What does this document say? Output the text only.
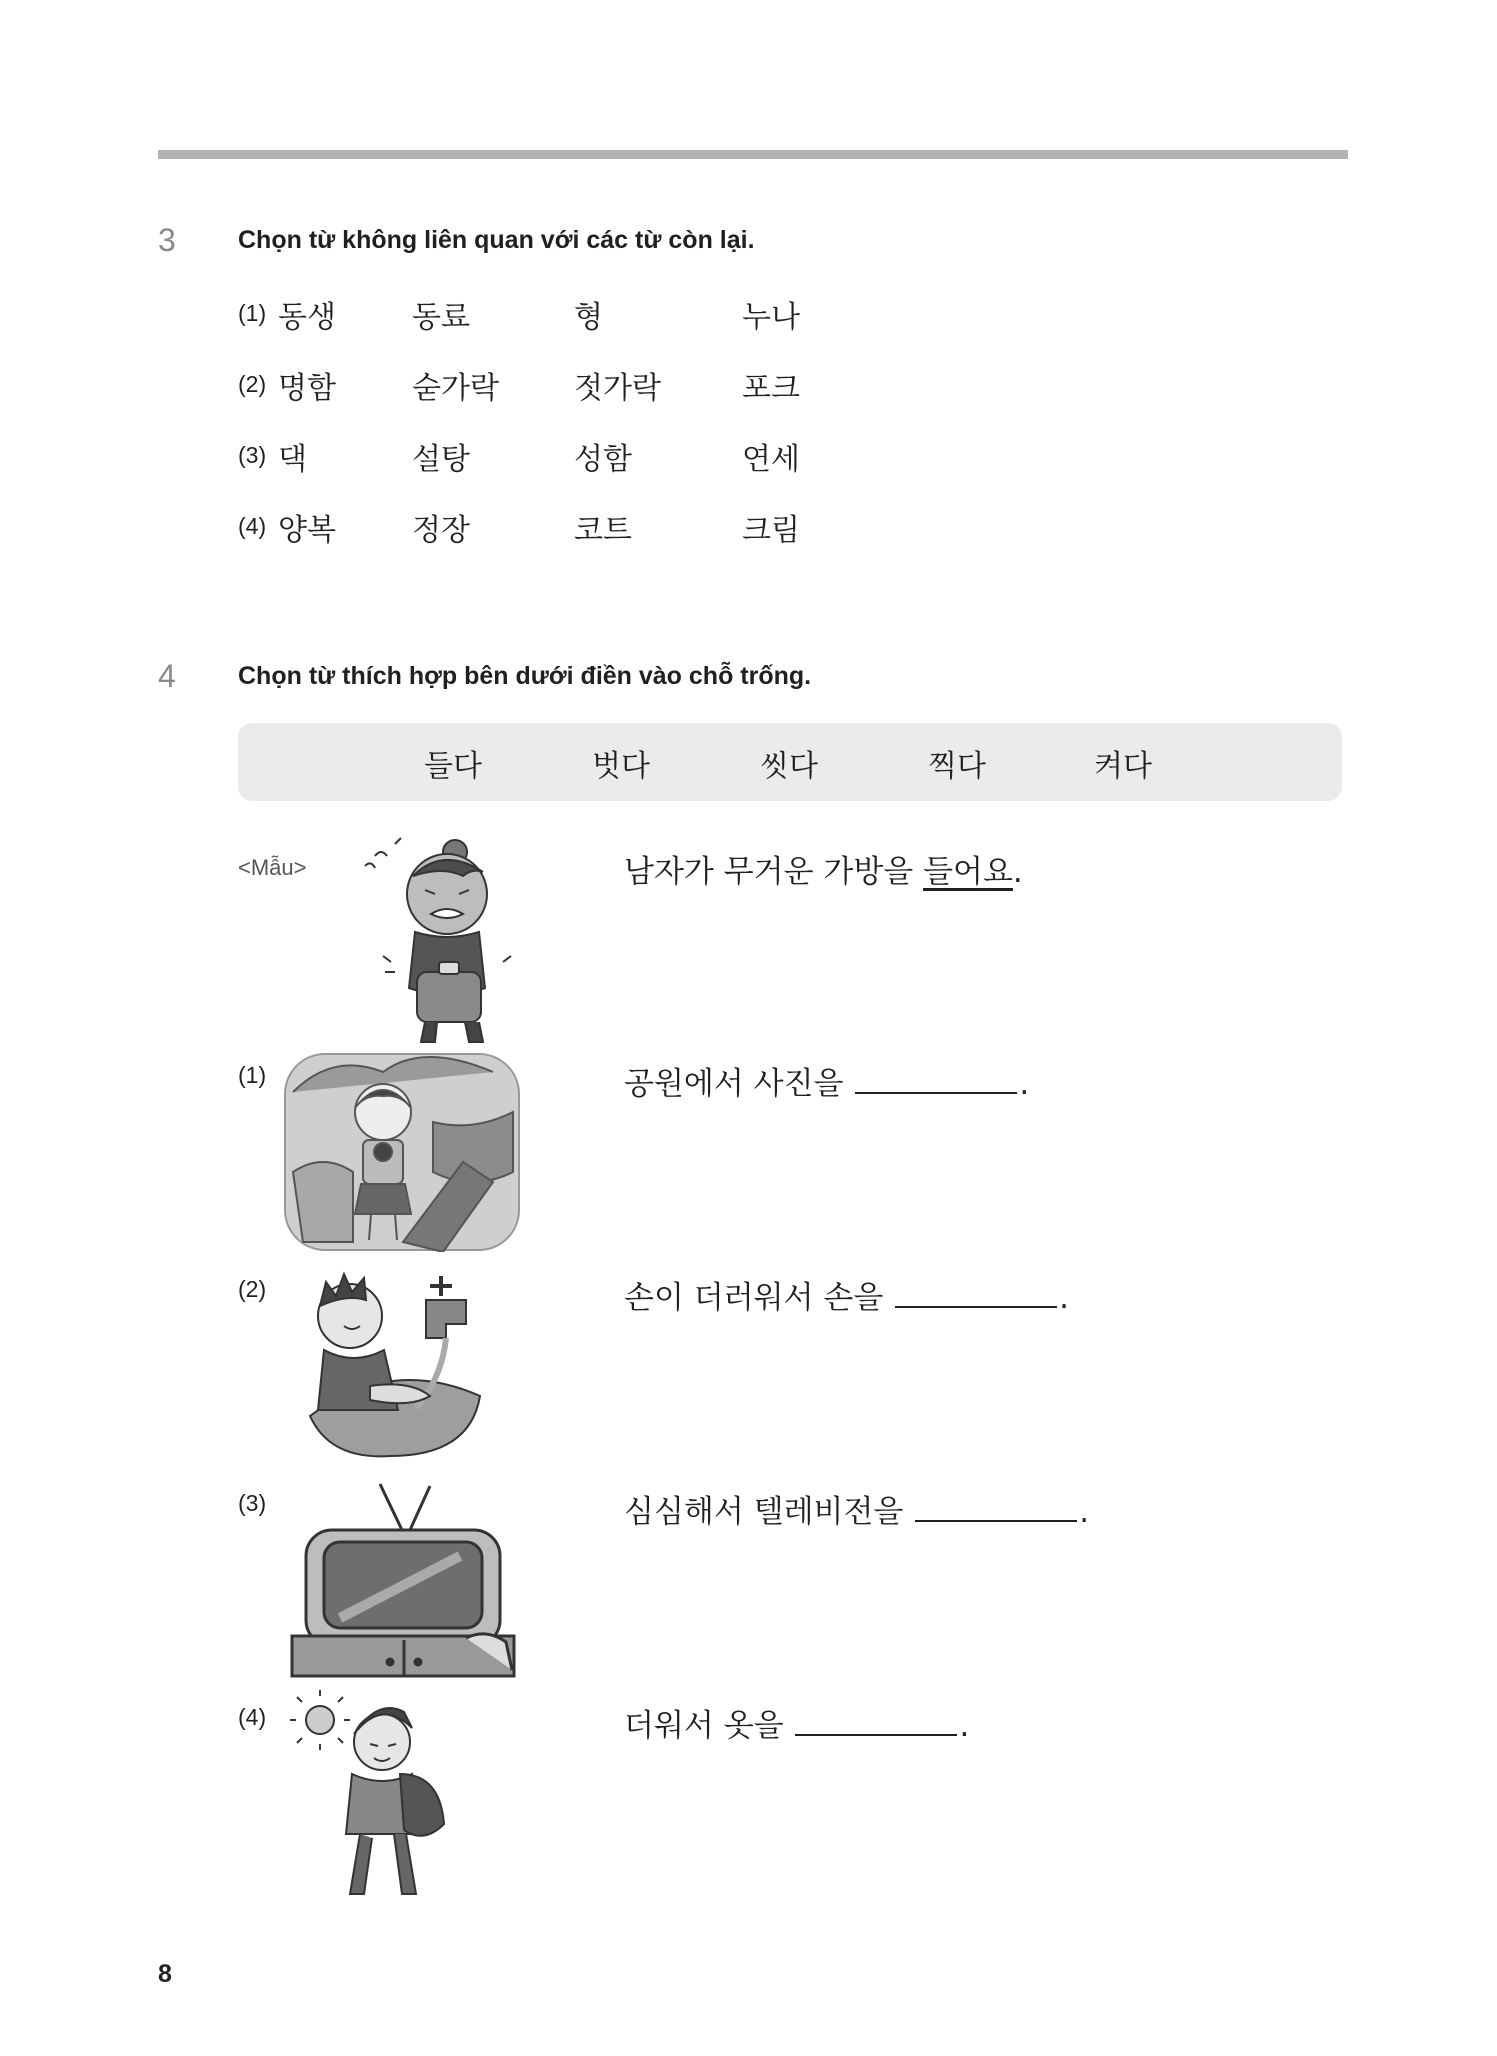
3 Chọn từ không liên quan với các từ còn lại.
(1) 동생	동료	형	누나
(2) 명함	숟가락	젓가락	포크
(3) 댁	설탕	성함	연세
(4) 양복	정장	코트	크림
4 Chọn từ thích hợp bên dưới điền vào chỗ trống.
들다	벗다	씻다	찍다	켜다
<Mẫu>	남자가 무거운 가방을 들어요.
(1)	공원에서 사진을	.
(2)	손이 더러워서 손을	.
(3)	심심해서 텔레비전을	.
(4)	더워서 옷을	.
8
